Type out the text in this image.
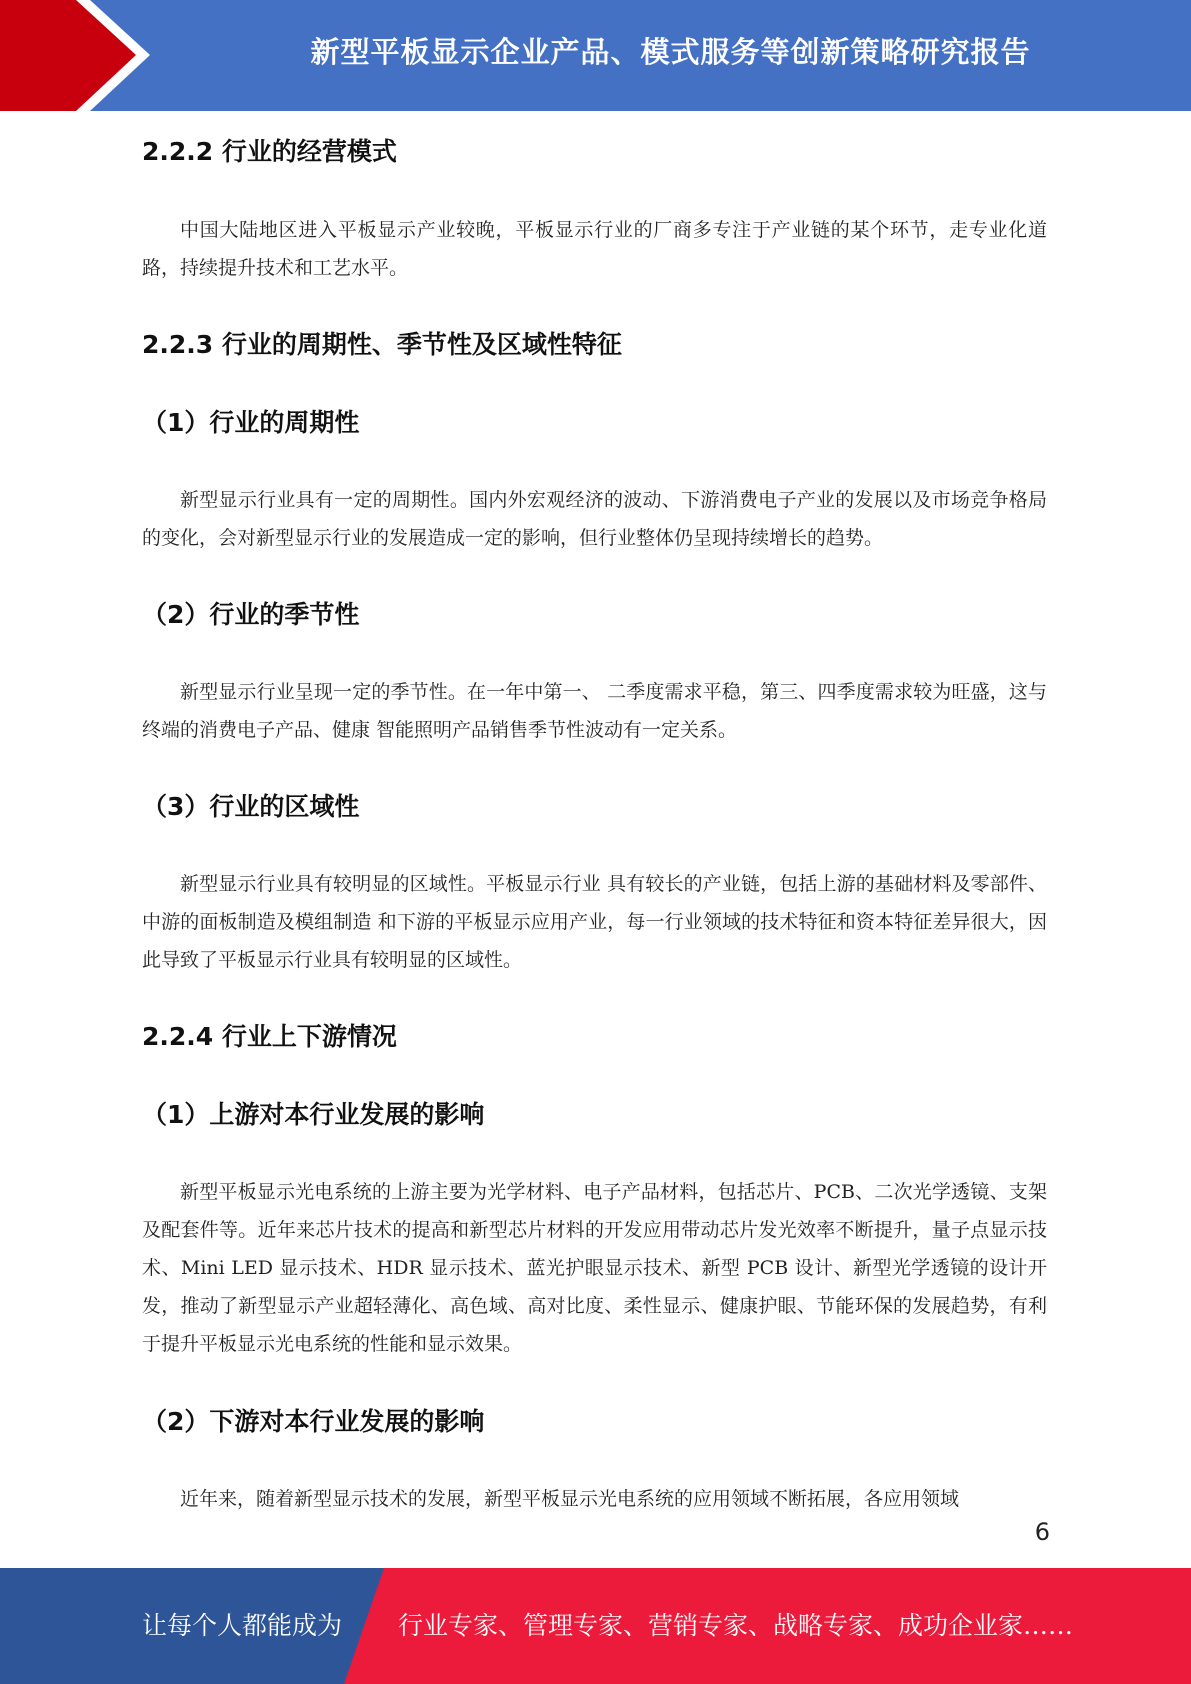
新型平板显示企业产品、模式服务等创新策略研究报告
2.2.2 行业的经营模式
中国大陆地区进入平板显示产业较晚，平板显示行业的厂商多专注于产业链的某个环节，走专业化道路，持续提升技术和工艺水平。
2.2.3 行业的周期性、季节性及区域性特征
（1）行业的周期性
新型显示行业具有一定的周期性。国内外宏观经济的波动、下游消费电子产业的发展以及市场竞争格局的变化，会对新型显示行业的发展造成一定的影响，但行业整体仍呈现持续增长的趋势。
（2）行业的季节性
新型显示行业呈现一定的季节性。在一年中第一、 二季度需求平稳，第三、四季度需求较为旺盛，这与终端的消费电子产品、健康 智能照明产品销售季节性波动有一定关系。
（3）行业的区域性
新型显示行业具有较明显的区域性。平板显示行业 具有较长的产业链，包括上游的基础材料及零部件、中游的面板制造及模组制造 和下游的平板显示应用产业，每一行业领域的技术特征和资本特征差异很大，因 此导致了平板显示行业具有较明显的区域性。
2.2.4 行业上下游情况
（1）上游对本行业发展的影响
新型平板显示光电系统的上游主要为光学材料、电子产品材料，包括芯片、PCB、二次光学透镜、支架及配套件等。近年来芯片技术的提高和新型芯片材料的开发应用带动芯片发光效率不断提升，量子点显示技术、Mini LED 显示技术、HDR 显示技术、蓝光护眼显示技术、新型 PCB 设计、新型光学透镜的设计开发，推动了新型显示产业超轻薄化、高色域、高对比度、柔性显示、健康护眼、节能环保的发展趋势，有利于提升平板显示光电系统的性能和显示效果。
（2）下游对本行业发展的影响
近年来，随着新型显示技术的发展，新型平板显示光电系统的应用领域不断拓展，各应用领域
6
让每个人都能成为 行业专家、管理专家、营销专家、战略专家、成功企业家……
